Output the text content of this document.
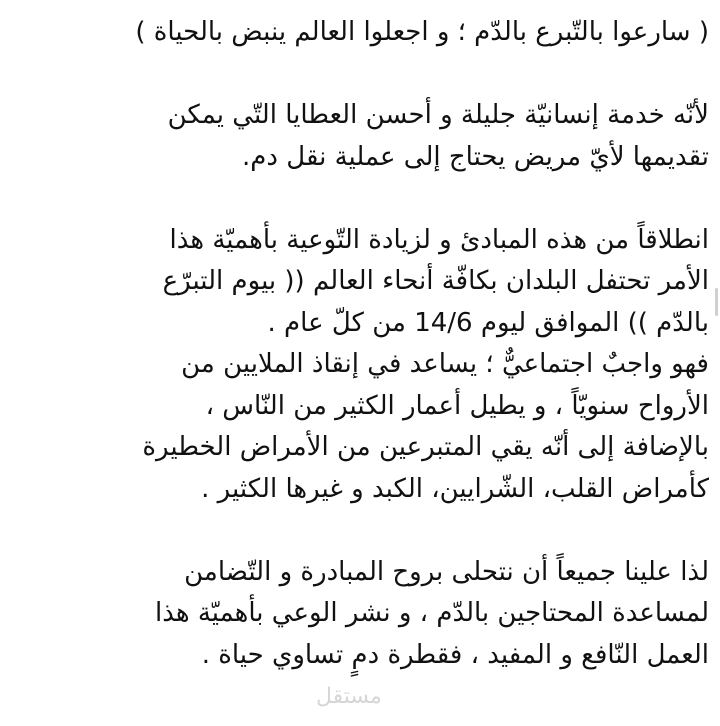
( سارعوا بالتّبرع بالدّم ؛ و اجعلوا العالم ينبض بالحياة )
لأنّه خدمة إنسانيّة جليلة و أحسن العطايا التّي يمكن
تقديمها لأيّ مريض يحتاج إلى عملية نقل دم.
انطلاقاً من هذه المبادئ و لزيادة التّوعية بأهميّة هذا
الأمر تحتفل البلدان بكافّة أنحاء العالم (( بيوم التبرّع
بالدّم )) الموافق ليوم 14/6 من كلّ عام .
فهو واجبٌ اجتماعيٌّ ؛ يساعد في إنقاذ الملايين من
الأرواح سنويّاً ، و يطيل أعمار الكثير من النّاس ،
بالإضافة إلى أنّه يقي المتبرعين من الأمراض الخطيرة
كأمراض القلب، الشّرايين، الكبد و غيرها الكثير .
لذا علينا جميعاً أن نتحلى بروح المبادرة و التّضامن
لمساعدة المحتاجين بالدّم ، و نشر الوعي بأهميّة هذا
العمل النّافع و المفيد ، فقطرة دمٍ تساوي حياة .
مستقل
